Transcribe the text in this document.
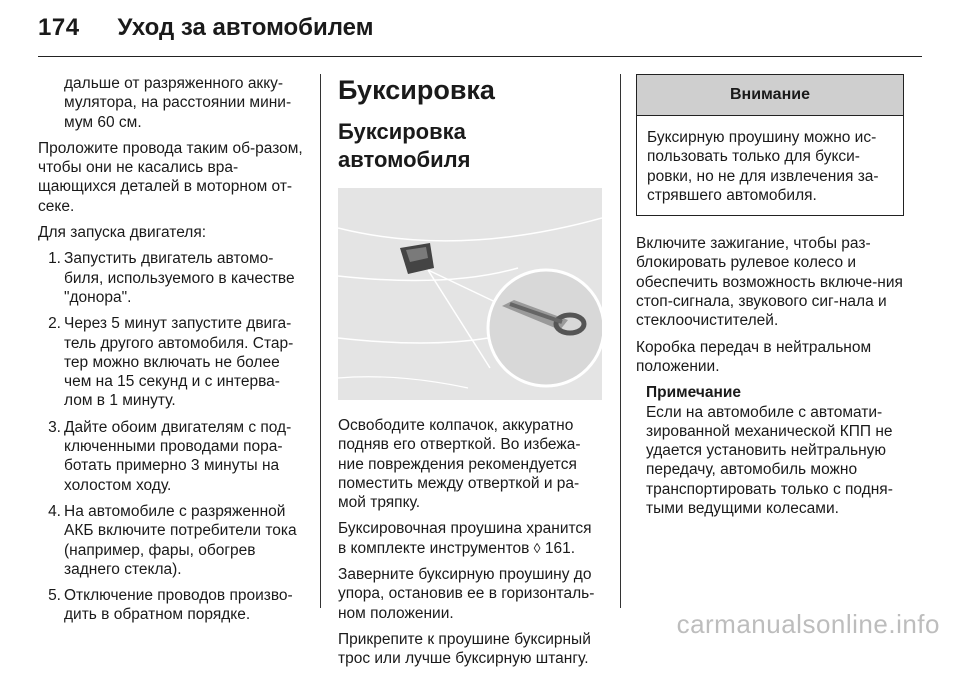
174 Уход за автомобилем

дальше от разряженного акку-мулятора, на расстоянии мини-мум 60 см.

Проложите провода таким об-разом, чтобы они не касались вра-щающихся деталей в моторном от-секе.

Для запуска двигателя:

1. Запустить двигатель автомо-биля, используемого в качестве "донора".
2. Через 5 минут запустите двига-тель другого автомобиля. Стар-тер можно включать не более чем на 15 секунд и с интерва-лом в 1 минуту.
3. Дайте обоим двигателям с под-ключенными проводами пора-ботать примерно 3 минуты на холостом ходу.
4. На автомобиле с разряженной АКБ включите потребители тока (например, фары, обогрев заднего стекла).
5. Отключение проводов произво-дить в обратном порядке.
Буксировка
Буксировка автомобиля

Освободите колпачок, аккуратно подняв его отверткой. Во избежа-ние повреждения рекомендуется поместить между отверткой и ра-мой тряпку.

Буксировочная проушина хранится в комплекте инструментов ◊ 161.

Заверните буксирную проушину до упора, остановив ее в горизонталь-ном положении.

Прикрепите к проушине буксирный трос или лучше буксирную штангу.

Внимание
Буксирную проушину можно ис-пользовать только для букси-ровки, но не для извлечения за-стрявшего автомобиля.

Включите зажигание, чтобы раз-блокировать рулевое колесо и обеспечить возможность включе-ния стоп-сигнала, звукового сиг-нала и стеклоочистителей.

Коробка передач в нейтральном положении.

Примечание
Если на автомобиле с автомати-зированной механической КПП не удается установить нейтральную передачу, автомобиль можно транспортировать только с подня-тыми ведущими колесами.
carmanualsonline.info
